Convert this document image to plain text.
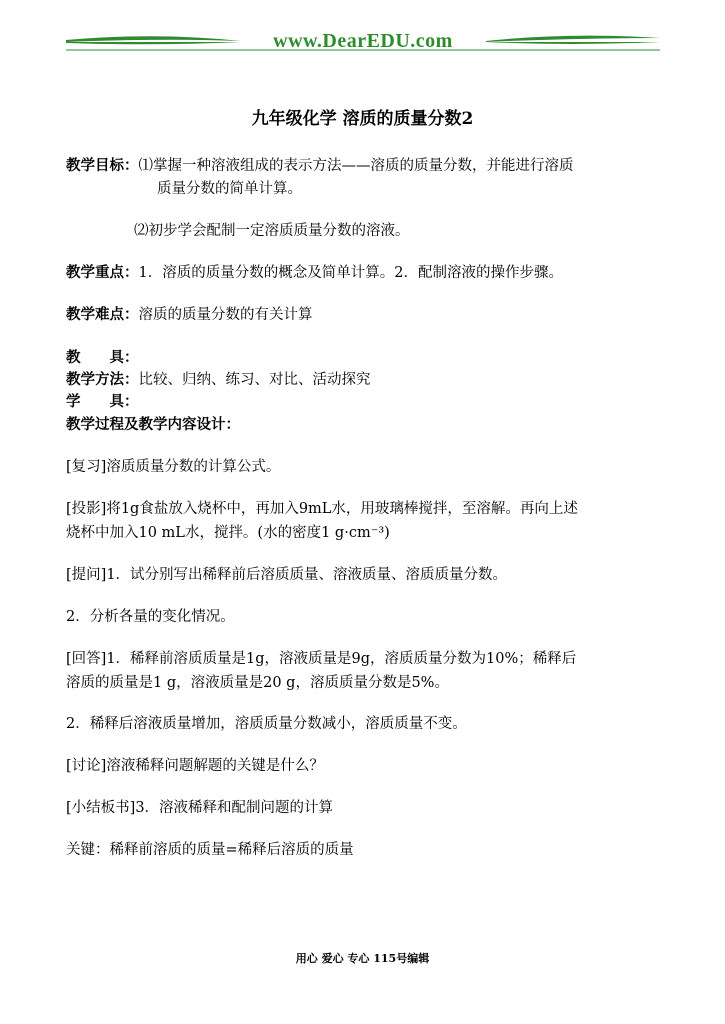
www.DearEDU.com
九年级化学 溶质的质量分数2
教学目标：⑴掌握一种溶液组成的表示方法——溶质的质量分数，并能进行溶质
质量分数的简单计算。
⑵初步学会配制一定溶质质量分数的溶液。
教学重点：1．溶质的质量分数的概念及简单计算。2．配制溶液的操作步骤。
教学难点：溶质的质量分数的有关计算
教　　具：
教学方法：比较、归纳、练习、对比、活动探究
学　　具：
教学过程及教学内容设计：
[复习]溶质质量分数的计算公式。
[投影]将1g食盐放入烧杯中，再加入9mL水，用玻璃棒搅拌，至溶解。再向上述
烧杯中加入10 mL水，搅拌。(水的密度1 g·cm⁻³)
[提问]1．试分别写出稀释前后溶质质量、溶液质量、溶质质量分数。
2．分析各量的变化情况。
[回答]1．稀释前溶质质量是1g，溶液质量是9g，溶质质量分数为10%；稀释后
溶质的质量是1 g，溶液质量是20 g，溶质质量分数是5%。
2．稀释后溶液质量增加，溶质质量分数减小，溶质质量不变。
[讨论]溶液稀释问题解题的关键是什么？
[小结板书]3．溶液稀释和配制问题的计算
关键：稀释前溶质的质量=稀释后溶质的质量
用心 爱心 专心 115号编辑
